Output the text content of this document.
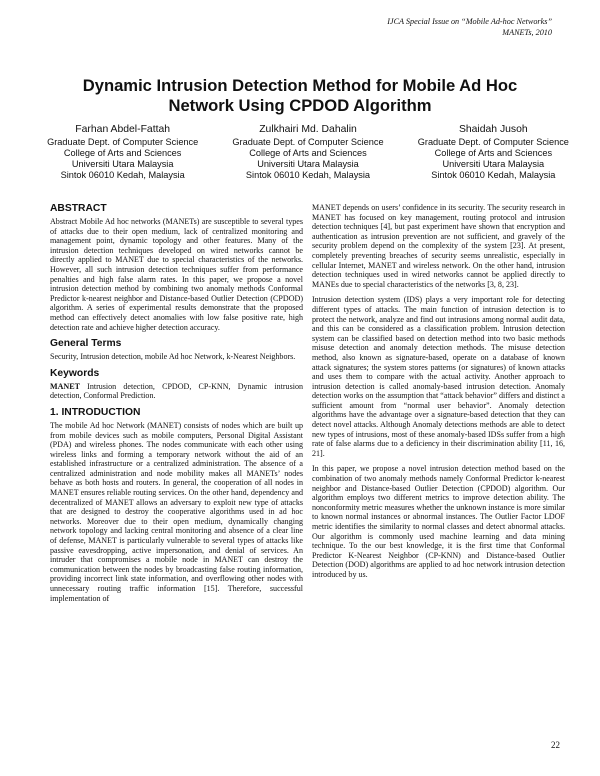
IJCA Special Issue on “Mobile Ad-hoc Networks”
MANETs, 2010
Dynamic Intrusion Detection Method for Mobile Ad Hoc
Network Using CPDOD Algorithm
Farhan Abdel-Fattah
Graduate Dept. of Computer Science
College of Arts and Sciences
Universiti Utara Malaysia
Sintok 06010 Kedah, Malaysia
Zulkhairi Md. Dahalin
Graduate Dept. of Computer Science
College of Arts and Sciences
Universiti Utara Malaysia
Sintok 06010 Kedah, Malaysia
Shaidah Jusoh
Graduate Dept. of Computer Science
College of Arts and Sciences
Universiti Utara Malaysia
Sintok 06010 Kedah, Malaysia
ABSTRACT

Abstract Mobile Ad hoc networks (MANETs) are susceptible to several types of attacks due to their open medium, lack of centralized monitoring and management point, dynamic topology and other features. Many of the intrusion detection techniques developed on wired networks cannot be directly applied to MANET due to special characteristics of the networks. However, all such intrusion detection techniques suffer from performance penalties and high false alarm rates. In this paper, we propose a novel intrusion detection method by combining two anomaly methods Conformal Predictor k-nearest neighbor and Distance-based Outlier Detection (CPDOD) algorithm. A series of experimental results demonstrate that the proposed method can effectively detect anomalies with low false positive rate, high detection rate and achieve higher detection accuracy.

General Terms

Security, Intrusion detection, mobile Ad hoc Network, k-Nearest Neighbors.

Keywords

MANET Intrusion detection, CPDOD, CP-KNN, Dynamic intrusion detection, Conformal Prediction.

1. INTRODUCTION

The mobile Ad hoc Network (MANET) consists of nodes which are built up from mobile devices such as mobile computers, Personal Digital Assistant (PDA) and wireless phones. The nodes communicate with each other using wireless links and forming a temporary network without the aid of an established infrastructure or a centralized administration. The absence of a centralized administration and node mobility makes all MANETs’ nodes behave as both hosts and routers. In general, the cooperation of all nodes in MANET ensures reliable routing services. On the other hand, dependency and decentralized of MANET allows an adversary to exploit new type of attacks that are designed to destroy the cooperative algorithms used in ad hoc networks. Moreover due to their open medium, dynamically changing network topology and lacking central monitoring and absence of a clear line of defense, MANET is particularly vulnerable to several types of attacks like passive eavesdropping, active impersonation, and denial of services. An intruder that compromises a mobile node in MANET can destroy the communication between the nodes by broadcasting false routing information, providing incorrect link state information, and overflowing other nodes with unnecessary routing traffic information [15]. Therefore, successful implementation of

MANET depends on users’ confidence in its security. The security research in MANET has focused on key management, routing protocol and intrusion detection techniques [4], but past experiment have shown that encryption and authentication as intrusion prevention are not sufficient, and gravely of the security problem depend on the complexity of the system [23]. At present, completely preventing breaches of security seems unrealistic, especially in cellular Internet, MANET and wireless network. On the other hand, intrusion detection techniques used in wired networks cannot be applied directly to MANEs due to special characteristics of the networks [3, 8, 23].

Intrusion detection system (IDS) plays a very important role for detecting different types of attacks. The main function of intrusion detection is to protect the network, analyze and find out intrusions among normal audit data, and this can be considered as a classification problem. Intrusion detection system can be classified based on detection method into two basic methods misuse detection and anomaly detection methods. The misuse detection method, also known as signature-based, operate on a database of known attack signatures; the system stores patterns (or signatures) of known attacks and uses them to compare with the actual activity. Another approach to intrusion detection is called anomaly-based intrusion detection. Anomaly detection works on the assumption that “attack behavior” differs and distinct a sufficient amount from “normal user behavior”. Anomaly detection algorithms have the advantage over a signature-based detection that they can detect novel attacks. Although Anomaly detections methods are able to detect new types of intrusions, most of these anomaly-based IDSs suffer from a high rate of false alarms due to a deficiency in their discrimination ability [11, 16, 21].

In this paper, we propose a novel intrusion detection method based on the combination of two anomaly methods namely Conformal Predictor k-nearest neighbor and Distance-based Outlier Detection (CPDOD) algorithm. Our algorithm employs two different metrics to improve detection ability. The nonconformity metric measures whether the unknown instance is more similar to known normal instances or abnormal instances. The Outlier Factor LDOF metric identifies the similarity to normal classes and detect abnormal attacks. Our algorithm is commonly used machine learning and data mining technique. To the our best knowledge, it is the first time that Conformal Predictor K-Nearest Neighbor (CP-KNN) and Distance-based Outlier Detection (DOD) algorithms are applied to ad hoc network intrusion detection introduced by us.

22
